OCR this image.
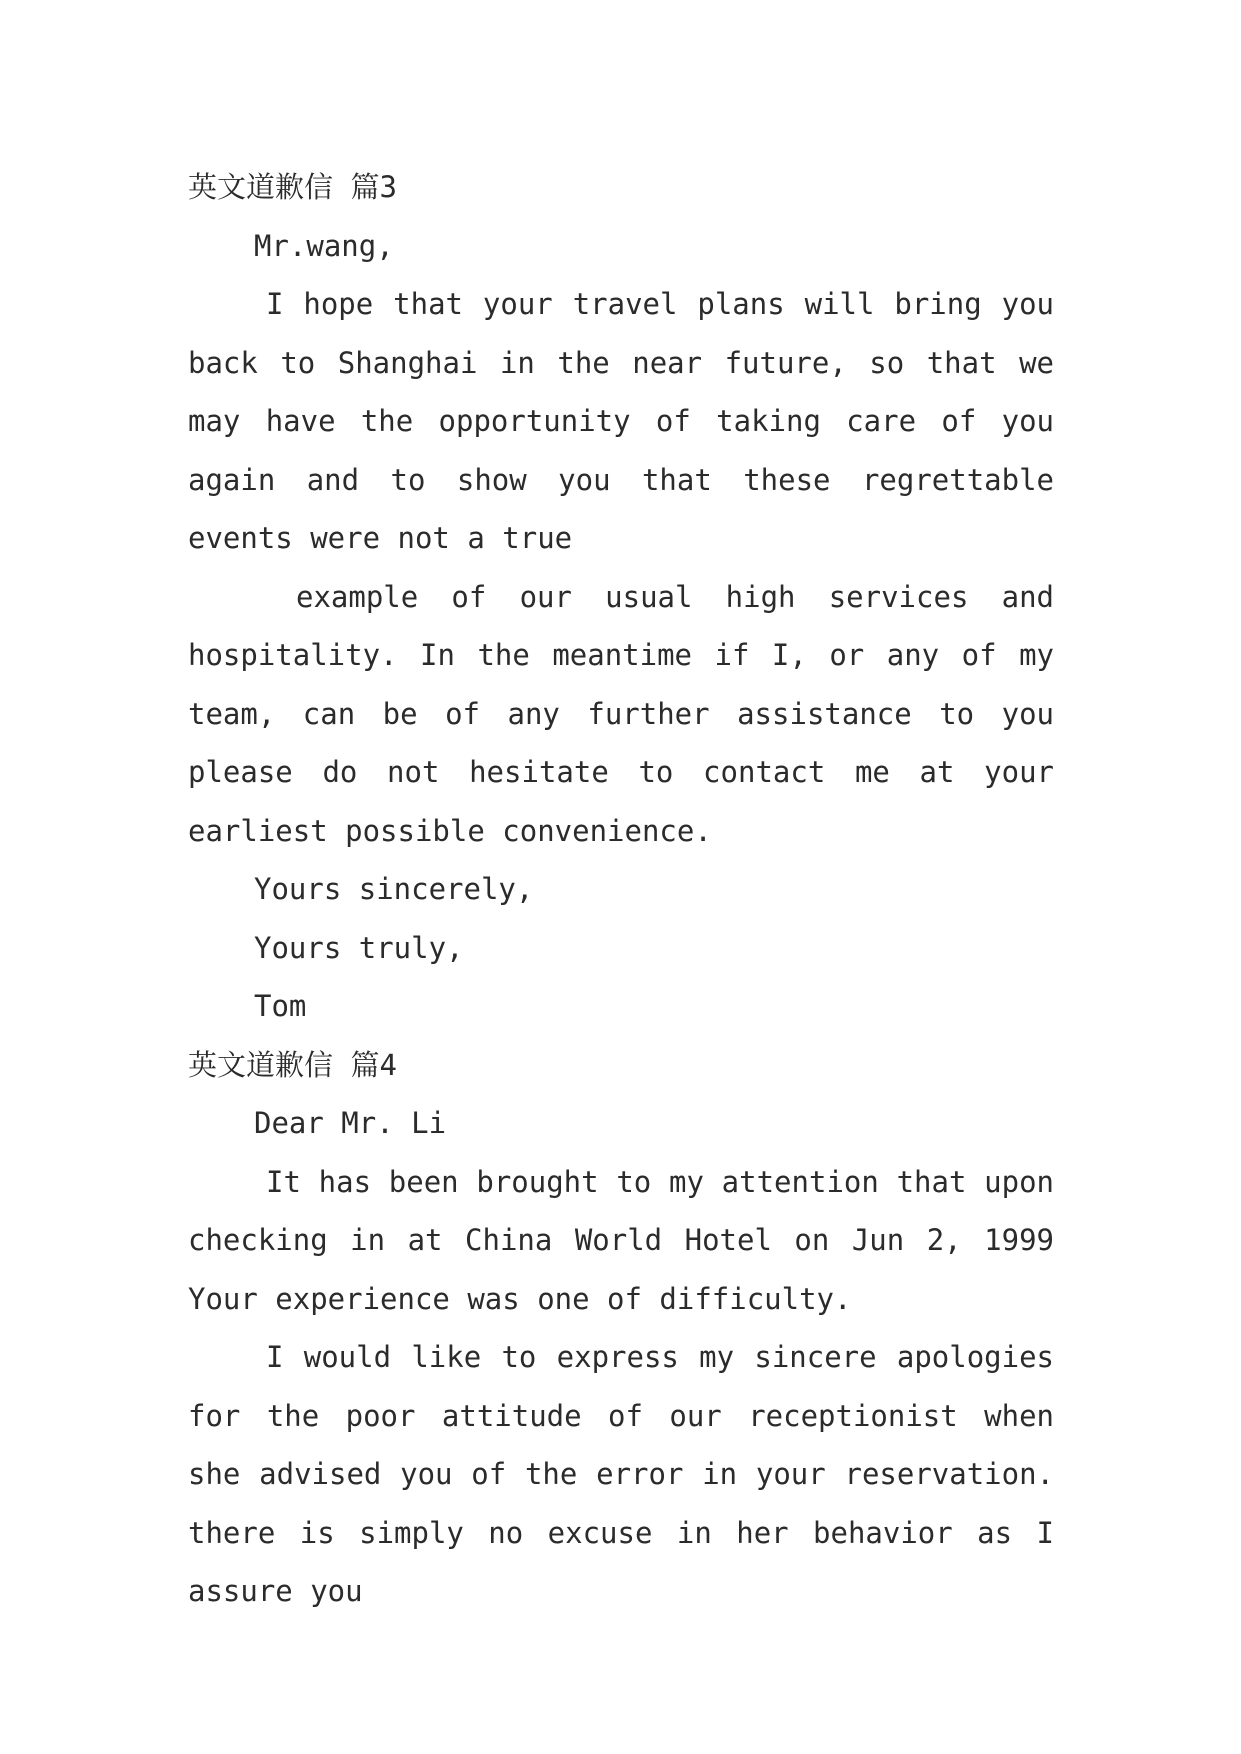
英文道歉信 篇3
Mr.wang,

I hope that your travel plans will bring you back to Shanghai in the near future, so that we may have the opportunity of taking care of you again and to show you that these regrettable events were not a true

example of our usual high services and hospitality. In the meantime if I, or any of my team, can be of any further assistance to you please do not hesitate to contact me at your earliest possible convenience.

Yours sincerely,
Yours truly,
Tom
英文道歉信 篇4
Dear Mr. Li

It has been brought to my attention that upon checking in at China World Hotel on Jun 2, 1999 Your experience was one of difficulty.

I would like to express my sincere apologies for the poor attitude of our receptionist when she advised you of the error in your reservation. there is simply no excuse in her behavior as I assure you
